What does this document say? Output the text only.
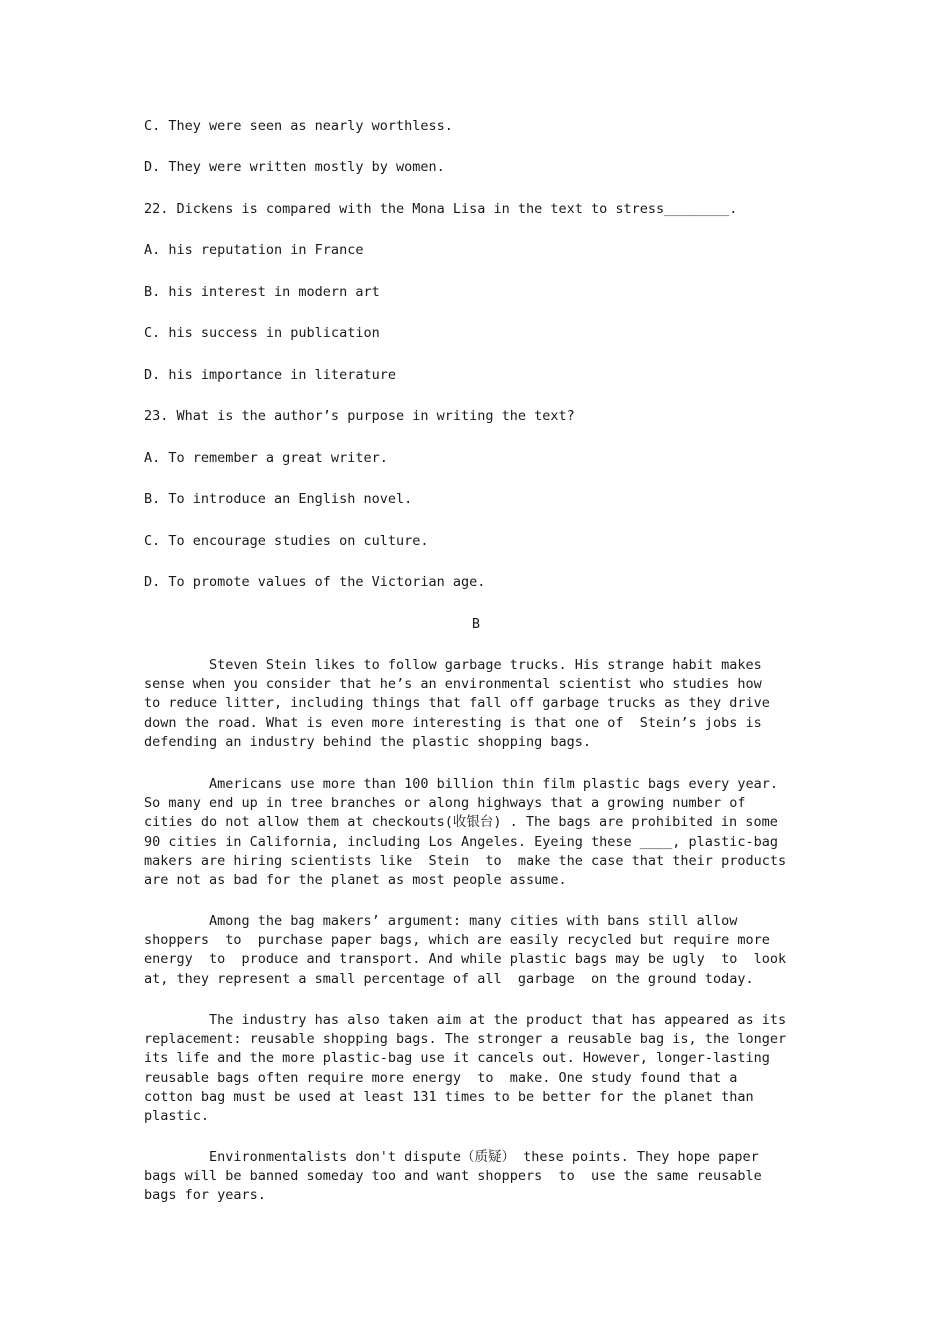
C. They were seen as nearly worthless.
D. They were written mostly by women.
22. Dickens is compared with the Mona Lisa in the text to stress________.
A. his reputation in France
B. his interest in modern art
C. his success in publication
D. his importance in literature
23. What is the author’s purpose in writing the text?
A. To remember a great writer.
B. To introduce an English novel.
C. To encourage studies on culture.
D. To promote values of the Victorian age.
B
Steven Stein likes to follow garbage trucks. His strange habit makes
sense when you consider that he’s an environmental scientist who studies how
to reduce litter, including things that fall off garbage trucks as they drive
down the road. What is even more interesting is that one of  Stein’s jobs is
defending an industry behind the plastic shopping bags.
Americans use more than 100 billion thin film plastic bags every year.
So many end up in tree branches or along highways that a growing number of
cities do not allow them at checkouts(收银台) . The bags are prohibited in some
90 cities in California, including Los Angeles. Eyeing these ____, plastic-bag
makers are hiring scientists like  Stein  to  make the case that their products
are not as bad for the planet as most people assume.
Among the bag makers’ argument: many cities with bans still allow
shoppers  to  purchase paper bags, which are easily recycled but require more
energy  to  produce and transport. And while plastic bags may be ugly  to  look
at, they represent a small percentage of all  garbage  on the ground today.
The industry has also taken aim at the product that has appeared as its
replacement: reusable shopping bags. The stronger a reusable bag is, the longer
its life and the more plastic-bag use it cancels out. However, longer-lasting
reusable bags often require more energy  to  make. One study found that a
cotton bag must be used at least 131 times to be better for the planet than
plastic.
Environmentalists don't dispute（质疑） these points. They hope paper
bags will be banned someday too and want shoppers  to  use the same reusable
bags for years.
